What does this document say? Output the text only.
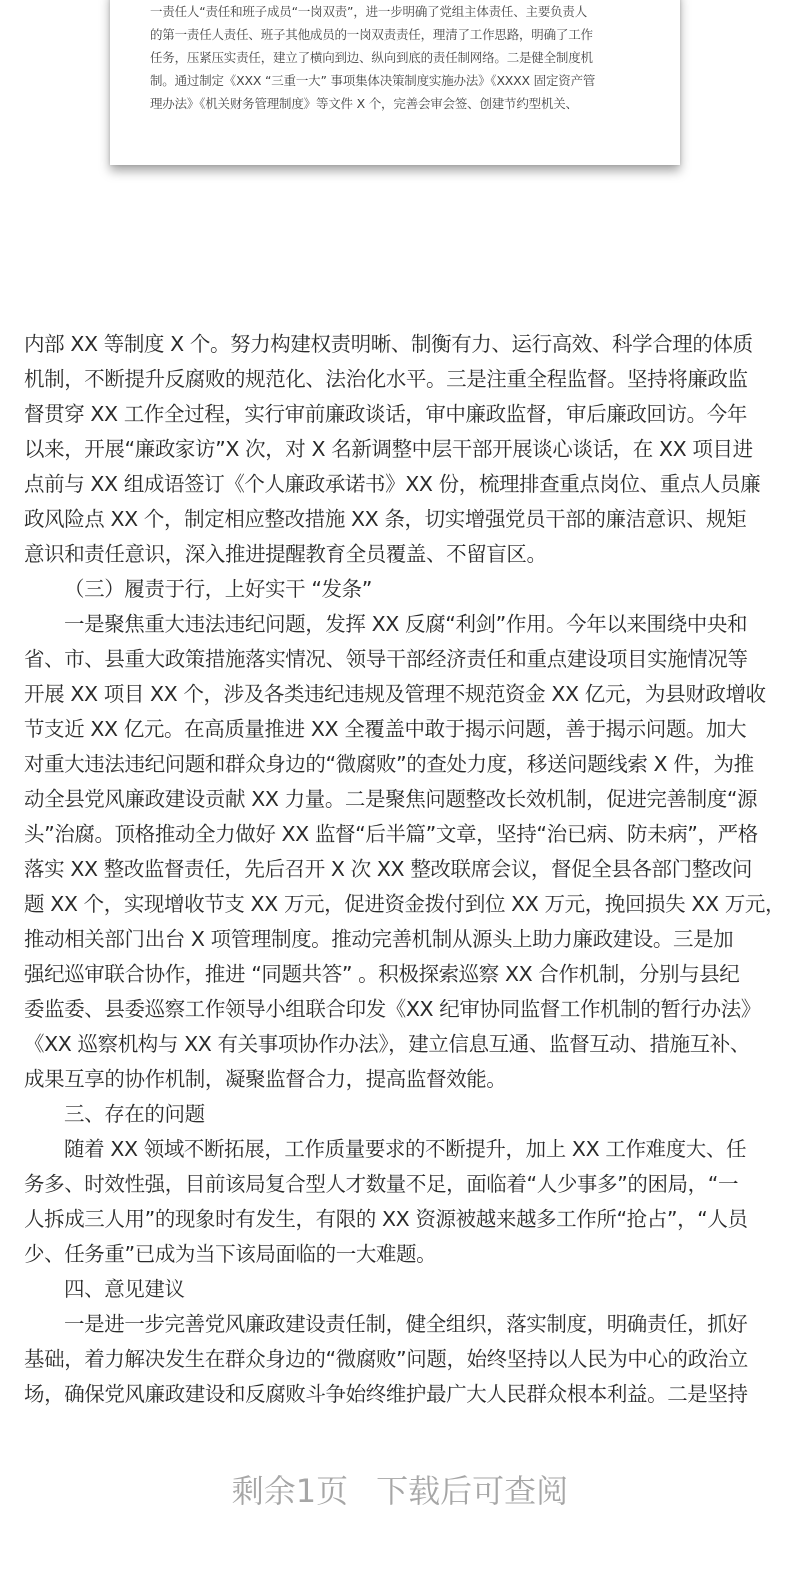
一责任人“责任和班子成员“一岗双责”，进一步明确了党组主体责任、主要负责人
的第一责任人责任、班子其他成员的一岗双责责任，理清了工作思路，明确了工作
任务，压紧压实责任，建立了横向到边、纵向到底的责任制网络。二是健全制度机
制。通过制定《XXX “三重一大” 事项集体决策制度实施办法》《XXXX 固定资产管
理办法》《机关财务管理制度》等文件 X 个，完善会审会签、创建节约型机关、
内部 XX 等制度 X 个。努力构建权责明晰、制衡有力、运行高效、科学合理的体质
机制，不断提升反腐败的规范化、法治化水平。三是注重全程监督。坚持将廉政监
督贯穿 XX 工作全过程，实行审前廉政谈话，审中廉政监督，审后廉政回访。今年
以来，开展“廉政家访”X 次，对 X 名新调整中层干部开展谈心谈话，在 XX 项目进
点前与 XX 组成语签订《个人廉政承诺书》XX 份，梳理排查重点岗位、重点人员廉
政风险点 XX 个，制定相应整改措施 XX 条，切实增强党员干部的廉洁意识、规矩
意识和责任意识，深入推进提醒教育全员覆盖、不留盲区。
（三）履责于行，上好实干 “发条”
一是聚焦重大违法违纪问题，发挥 XX 反腐“利剑”作用。今年以来围绕中央和
省、市、县重大政策措施落实情况、领导干部经济责任和重点建设项目实施情况等
开展 XX 项目 XX 个，涉及各类违纪违规及管理不规范资金 XX 亿元，为县财政增收
节支近 XX 亿元。在高质量推进 XX 全覆盖中敢于揭示问题，善于揭示问题。加大
对重大违法违纪问题和群众身边的“微腐败”的查处力度，移送问题线索 X 件，为推
动全县党风廉政建设贡献 XX 力量。二是聚焦问题整改长效机制，促进完善制度“源
头”治腐。顶格推动全力做好 XX 监督“后半篇”文章，坚持“治已病、防未病”，严格
落实 XX 整改监督责任，先后召开 X 次 XX 整改联席会议，督促全县各部门整改问
题 XX 个，实现增收节支 XX 万元，促进资金拨付到位 XX 万元，挽回损失 XX 万元，
推动相关部门出台 X 项管理制度。推动完善机制从源头上助力廉政建设。三是加
强纪巡审联合协作，推进 “同题共答” 。积极探索巡察 XX 合作机制，分别与县纪
委监委、县委巡察工作领导小组联合印发《XX 纪审协同监督工作机制的暂行办法》
《XX 巡察机构与 XX 有关事项协作办法》，建立信息互通、监督互动、措施互补、
成果互享的协作机制，凝聚监督合力，提高监督效能。
三、存在的问题
随着 XX 领域不断拓展，工作质量要求的不断提升，加上 XX 工作难度大、任
务多、时效性强，目前该局复合型人才数量不足，面临着“人少事多”的困局，“一
人拆成三人用”的现象时有发生，有限的 XX 资源被越来越多工作所“抢占”，“人员
少、任务重”已成为当下该局面临的一大难题。
四、意见建议
一是进一步完善党风廉政建设责任制，健全组织，落实制度，明确责任，抓好
基础，着力解决发生在群众身边的“微腐败”问题，始终坚持以人民为中心的政治立
场，确保党风廉政建设和反腐败斗争始终维护最广大人民群众根本利益。二是坚持
剩余1页 下载后可查阅
